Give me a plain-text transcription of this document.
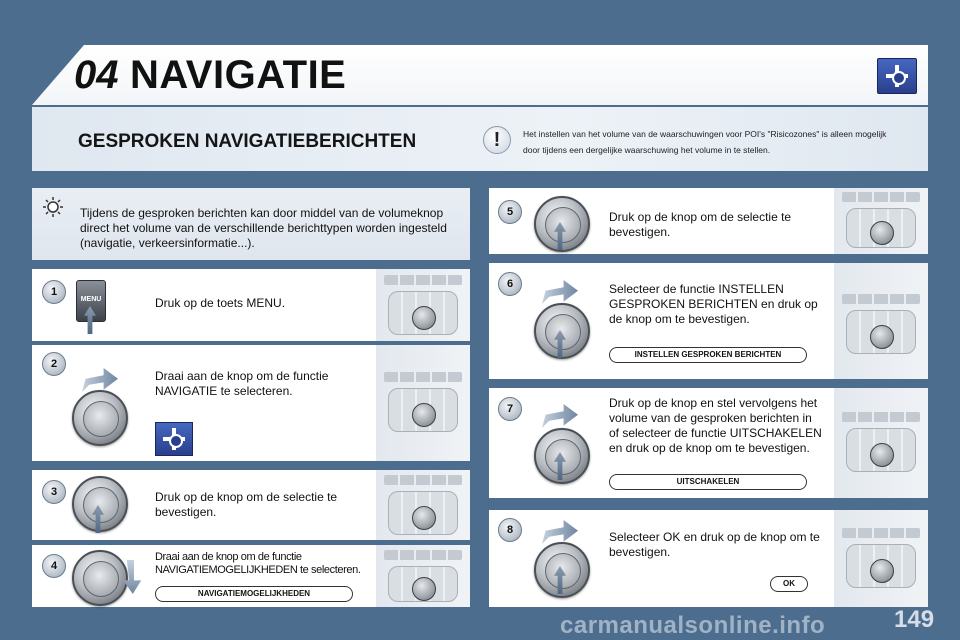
04 NAVIGATIE
GESPROKEN NAVIGATIEBERICHTEN	!	Het instellen van het volume van de waarschuwingen voor POI's "Risicozones" is alleen mogelijk door tijdens een dergelijke waarschuwing het volume in te stellen.
Tijdens de gesproken berichten kan door middel van de volumeknop direct het volume van de verschillende berichttypen worden ingesteld (navigatie, verkeersinformatie...).
1
MENU	Druk op de toets MENU.
2
Draai aan de knop om de functie NAVIGATIE te selecteren.
3	Druk op de knop om de selectie te bevestigen.
4
Draai aan de knop om de functie NAVIGATIEMOGELIJKHEDEN te selecteren.
NAVIGATIEMOGELIJKHEDEN
5	Druk op de knop om de selectie te bevestigen.
6	Selecteer de functie INSTELLEN GESPROKEN BERICHTEN en druk op de knop om te bevestigen.
INSTELLEN GESPROKEN BERICHTEN
7	Druk op de knop en stel vervolgens het volume van de gesproken berichten in of selecteer de functie UITSCHAKELEN en druk op de knop om te bevestigen.
UITSCHAKELEN
8	Selecteer OK en druk op de knop om te bevestigen.
OK
carmanualsonline.info	149
